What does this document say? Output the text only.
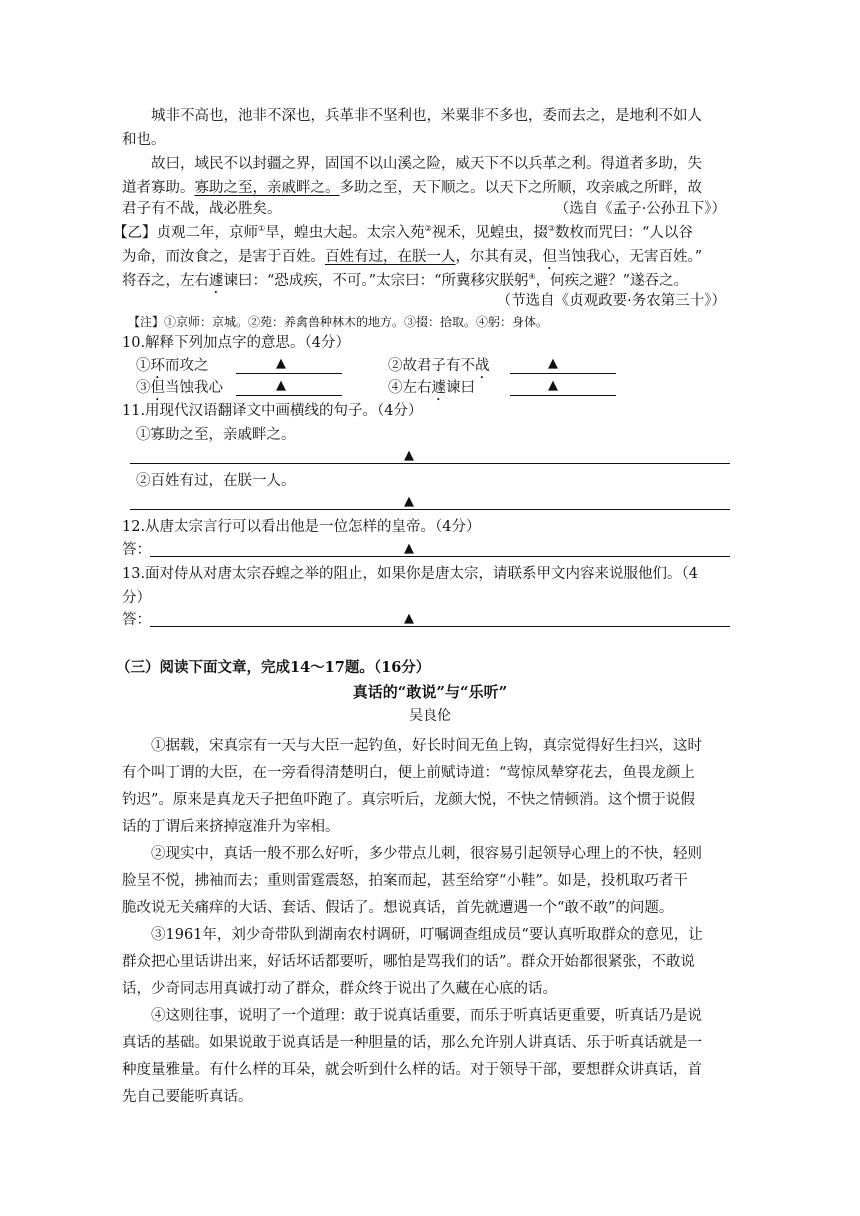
城非不高也，池非不深也，兵革非不坚利也，米粟非不多也，委而去之，是地利不如人
和也。
故曰，域民不以封疆之界，固国不以山溪之险，威天下不以兵革之利。得道者多助，失
道者寡助。寡助之至，亲戚畔之。多助之至，天下顺之。以天下之所顺，攻亲戚之所畔，故
君子有不战，战必胜矣。	（选自《孟子·公孙丑下》）
【乙】贞观二年，京师①旱，蝗虫大起。太宗入苑②视禾，见蝗虫，掇③数枚而咒曰：“人以谷
为命，而汝食之，是害于百姓。百姓有过，在朕一人，尔其有灵，但当蚀我心，无害百姓。”
将吞之，左右遽谏曰：“恐成疾，不可。”太宗曰：“所冀移灾朕躬④，何疾之避？”遂吞之。
（节选自《贞观政要·务农第三十》）
【注】①京师：京城。②苑：养禽兽种林木的地方。③掇：拾取。④躬：身体。
10.解释下列加点字的意思。（4分）
①环而攻之	▲	②故君子有不战	▲
③但当蚀我心	▲	④左右遽谏曰	▲
11.用现代汉语翻译文中画横线的句子。（4分）
①寡助之至，亲戚畔之。
▲
②百姓有过，在朕一人。
▲
12.从唐太宗言行可以看出他是一位怎样的皇帝。（4分）
答：	▲
13.面对侍从对唐太宗吞蝗之举的阻止，如果你是唐太宗，请联系甲文内容来说服他们。（4
分）
答：	▲
（三）阅读下面文章，完成14～17题。（16分）
真话的“敢说”与“乐听”
吴良伦
①据载，宋真宗有一天与大臣一起钓鱼，好长时间无鱼上钩，真宗觉得好生扫兴，这时
有个叫丁谓的大臣，在一旁看得清楚明白，便上前赋诗道：“莺惊凤辇穿花去，鱼畏龙颜上
钓迟”。原来是真龙天子把鱼吓跑了。真宗听后，龙颜大悦，不快之情顿消。这个惯于说假
话的丁谓后来挤掉寇准升为宰相。
②现实中，真话一般不那么好听，多少带点儿刺，很容易引起领导心理上的不快，轻则
脸呈不悦，拂袖而去；重则雷霆震怒，拍案而起，甚至给穿“小鞋”。如是，投机取巧者干
脆改说无关痛痒的大话、套话、假话了。想说真话，首先就遭遇一个“敢不敢”的问题。
③1961年，刘少奇带队到湖南农村调研，叮嘱调查组成员“要认真听取群众的意见，让
群众把心里话讲出来，好话坏话都要听，哪怕是骂我们的话”。群众开始都很紧张，不敢说
话，少奇同志用真诚打动了群众，群众终于说出了久藏在心底的话。
④这则往事，说明了一个道理：敢于说真话重要，而乐于听真话更重要，听真话乃是说
真话的基础。如果说敢于说真话是一种胆量的话，那么允许别人讲真话、乐于听真话就是一
种度量雅量。有什么样的耳朵，就会听到什么样的话。对于领导干部，要想群众讲真话，首
先自己要能听真话。
